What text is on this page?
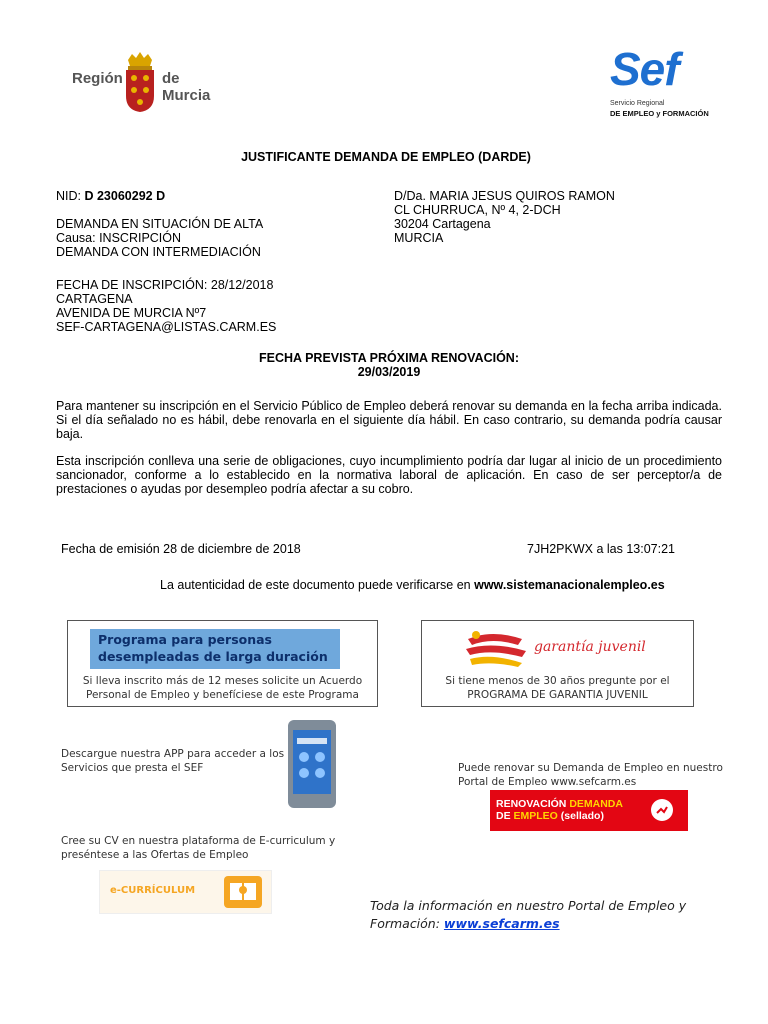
Región	de Murcia
Sef
Servicio Regional
DE EMPLEO y FORMACIÓN
JUSTIFICANTE DEMANDA DE EMPLEO (DARDE)
NID: D 23060292 D
DEMANDA EN SITUACIÓN DE ALTA
Causa: INSCRIPCIÓN
DEMANDA CON INTERMEDIACIÓN
D/Da. MARIA JESUS QUIROS RAMON
CL CHURRUCA, Nº 4, 2-DCH
30204 Cartagena
MURCIA
FECHA DE INSCRIPCIÓN: 28/12/2018
CARTAGENA
AVENIDA DE MURCIA Nº7
SEF-CARTAGENA@LISTAS.CARM.ES
FECHA PREVISTA PRÓXIMA RENOVACIÓN:
29/03/2019
Para mantener su inscripción en el Servicio Público de Empleo deberá renovar su demanda en la fecha arriba indicada. Si el día señalado no es hábil, debe renovarla en el siguiente día hábil. En caso contrario, su demanda podría causar baja.
Esta inscripción conlleva una serie de obligaciones, cuyo incumplimiento podría dar lugar al inicio de un procedimiento sancionador, conforme a lo establecido en la normativa laboral de aplicación. En caso de ser perceptor/a de prestaciones o ayudas por desempleo podría afectar a su cobro.
Fecha de emisión 28 de diciembre de 2018	7JH2PKWX a las 13:07:21
La autenticidad de este documento puede verificarse en www.sistemanacionalempleo.es
Programa para personas
desempleadas de larga duración
Si lleva inscrito más de 12 meses solicite un Acuerdo
Personal de Empleo y benefíciese de este Programa
garantía juvenil
Si tiene menos de 30 años pregunte por el
PROGRAMA DE GARANTIA JUVENIL
Descargue nuestra APP para acceder a los
Servicios que presta el SEF	Puede renovar su Demanda de Empleo en nuestro
Portal de Empleo www.sefcarm.es
RENOVACIÓN DEMANDA
DE EMPLEO (sellado)
Cree su CV en nuestra plataforma de E-curriculum y
preséntese a las Ofertas de Empleo
e-CURRÍCULUM
Toda la información en nuestro Portal de Empleo y
Formación: www.sefcarm.es
